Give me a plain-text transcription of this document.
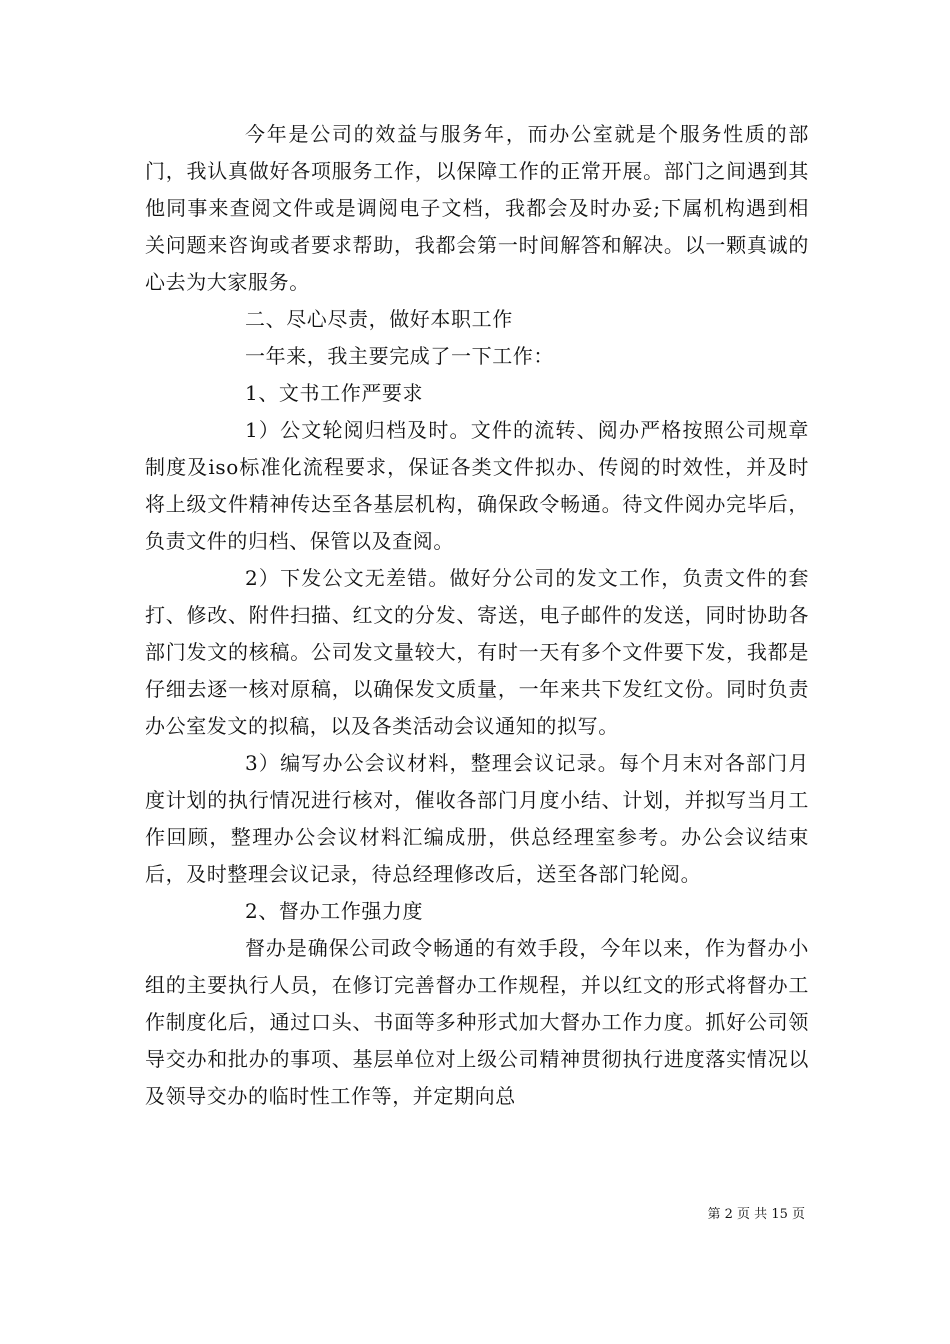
今年是公司的效益与服务年，而办公室就是个服务性质的部门，我认真做好各项服务工作，以保障工作的正常开展。部门之间遇到其他同事来查阅文件或是调阅电子文档，我都会及时办妥;下属机构遇到相关问题来咨询或者要求帮助，我都会第一时间解答和解决。以一颗真诚的心去为大家服务。

二、尽心尽责，做好本职工作

一年来，我主要完成了一下工作：

1、文书工作严要求

1）公文轮阅归档及时。文件的流转、阅办严格按照公司规章制度及iso标准化流程要求，保证各类文件拟办、传阅的时效性，并及时将上级文件精神传达至各基层机构，确保政令畅通。待文件阅办完毕后，负责文件的归档、保管以及查阅。

2）下发公文无差错。做好分公司的发文工作，负责文件的套打、修改、附件扫描、红文的分发、寄送，电子邮件的发送，同时协助各部门发文的核稿。公司发文量较大，有时一天有多个文件要下发，我都是仔细去逐一核对原稿，以确保发文质量，一年来共下发红文份。同时负责办公室发文的拟稿，以及各类活动会议通知的拟写。

3）编写办公会议材料，整理会议记录。每个月末对各部门月度计划的执行情况进行核对，催收各部门月度小结、计划，并拟写当月工作回顾，整理办公会议材料汇编成册，供总经理室参考。办公会议结束后，及时整理会议记录，待总经理修改后，送至各部门轮阅。

2、督办工作强力度

督办是确保公司政令畅通的有效手段，今年以来，作为督办小组的主要执行人员，在修订完善督办工作规程，并以红文的形式将督办工作制度化后，通过口头、书面等多种形式加大督办工作力度。抓好公司领导交办和批办的事项、基层单位对上级公司精神贯彻执行进度落实情况以及领导交办的临时性工作等，并定期向总

第 2 页 共 15 页
